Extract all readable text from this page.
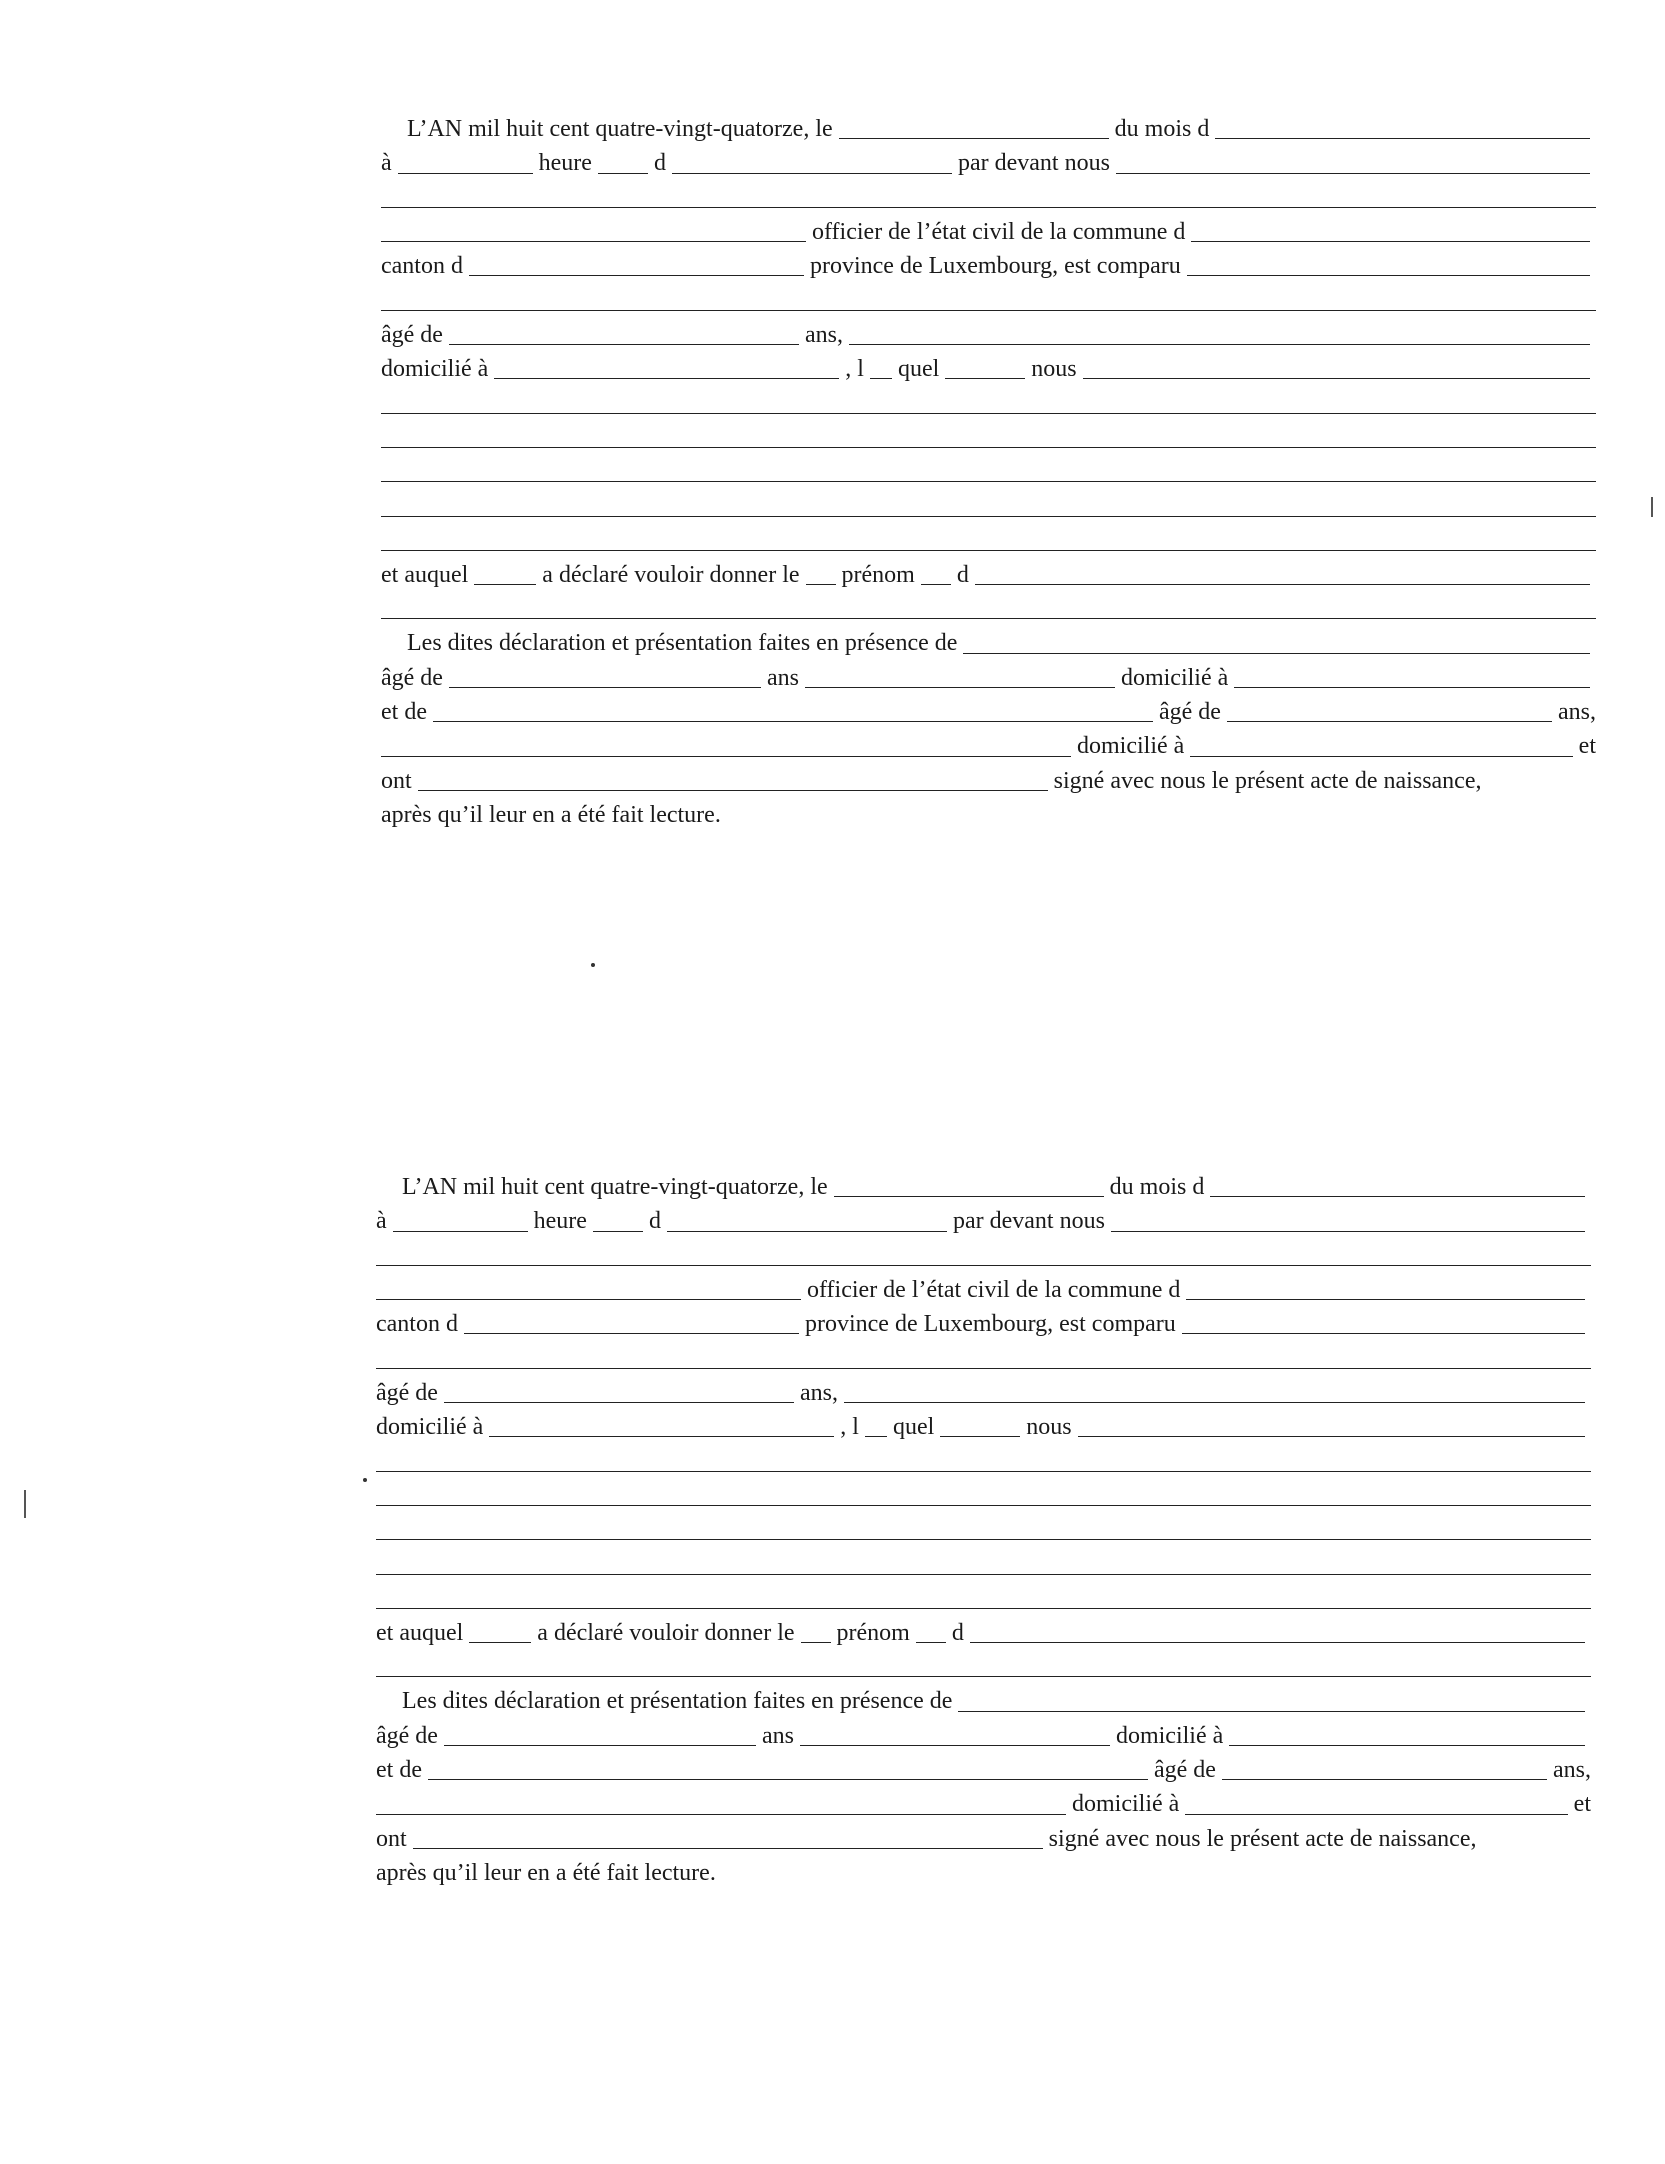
L’AN mil huit cent quatre-vingt-quatorze, le	du mois d
à	heure	d	par devant nous
officier de l’état civil de la commune d
canton d	province de Luxembourg, est comparu
âgé de	ans,
domicilié à	, l quel	nous
et auquel	a déclaré vouloir donner le prénom d
Les dites déclaration et présentation faites en présence de
âgé de	ans	domicilié à
et de	âgé de	ans,
domicilié à	et
ont	signé avec nous le présent acte de naissance,
après qu’il leur en a été fait lecture.
L’AN mil huit cent quatre-vingt-quatorze, le	du mois d
à	heure	d	par devant nous
officier de l’état civil de la commune d
canton d	province de Luxembourg, est comparu
âgé de	ans,
domicilié à	, l quel	nous
et auquel	a déclaré vouloir donner le prénom d
Les dites déclaration et présentation faites en présence de
âgé de	ans	domicilié à
et de	âgé de	ans,
domicilié à	et
ont	signé avec nous le présent acte de naissance,
après qu’il leur en a été fait lecture.
